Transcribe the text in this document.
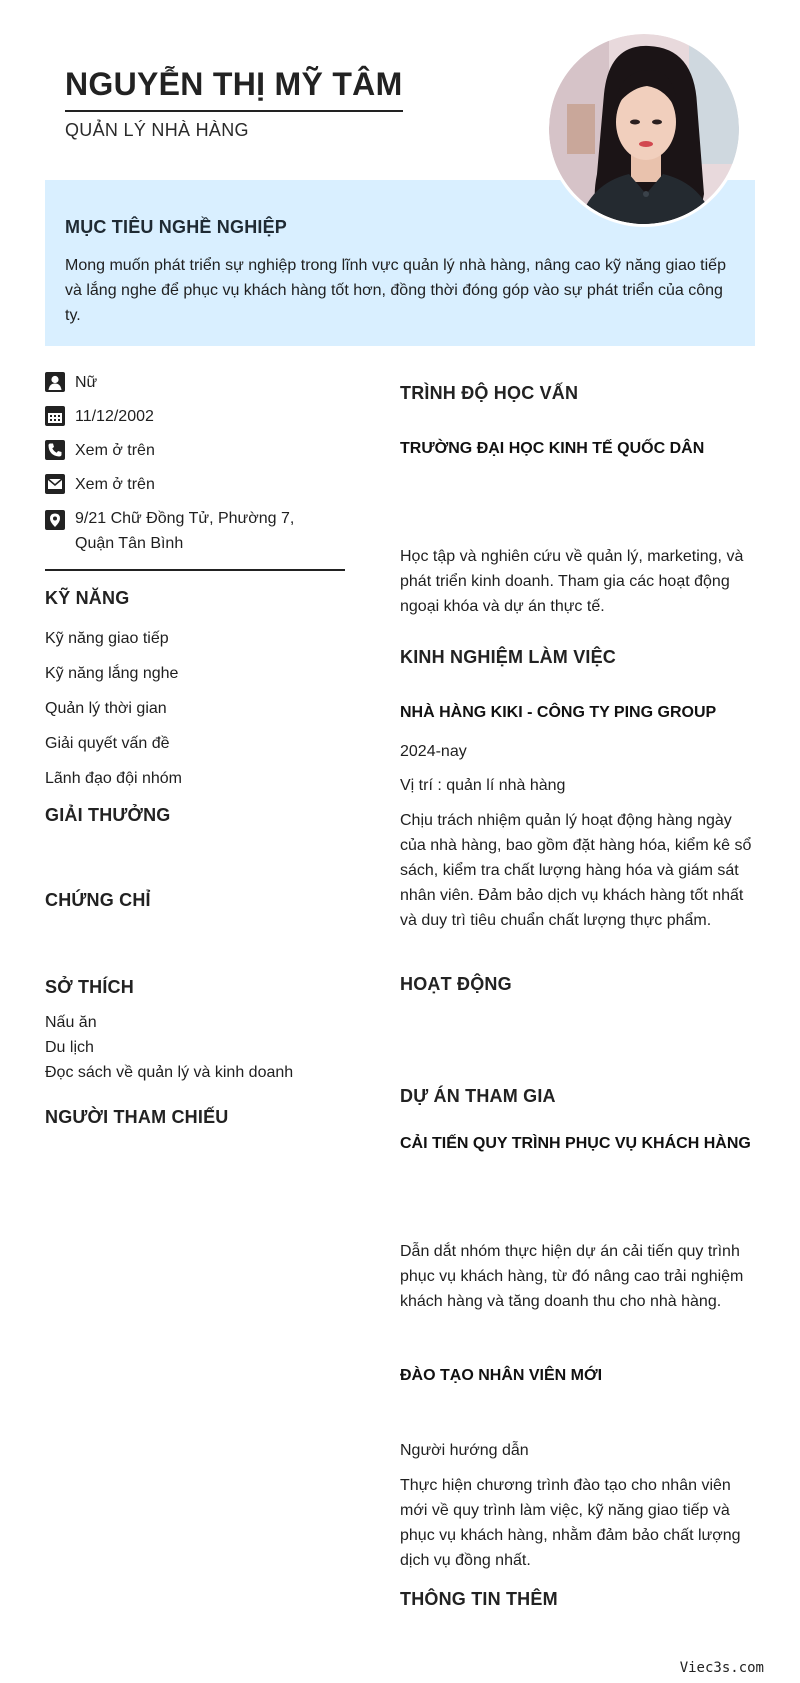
NGUYỄN THỊ MỸ TÂM
QUẢN LÝ NHÀ HÀNG

MỤC TIÊU NGHỀ NGHIỆP

Mong muốn phát triển sự nghiệp trong lĩnh vực quản lý nhà hàng, nâng cao kỹ năng giao tiếp và lắng nghe để phục vụ khách hàng tốt hơn, đồng thời đóng góp vào sự phát triển của công ty.

Nữ
11/12/2002
Xem ở trên
Xem ở trên
9/21 Chữ Đồng Tử, Phường 7, Quận Tân Bình

KỸ NĂNG

Kỹ năng giao tiếp

Kỹ năng lắng nghe

Quản lý thời gian

Giải quyết vấn đề

Lãnh đạo đội nhóm

GIẢI THƯỞNG

CHỨNG CHỈ

SỞ THÍCH

Nấu ăn

Du lịch

Đọc sách về quản lý và kinh doanh

NGƯỜI THAM CHIẾU

TRÌNH ĐỘ HỌC VẤN

TRƯỜNG ĐẠI HỌC KINH TẾ QUỐC DÂN

Học tập và nghiên cứu về quản lý, marketing, và phát triển kinh doanh. Tham gia các hoạt động ngoại khóa và dự án thực tế.

KINH NGHIỆM LÀM VIỆC

NHÀ HÀNG KIKI - CÔNG TY PING GROUP

2024-nay

Vị trí : quản lí nhà hàng

Chịu trách nhiệm quản lý hoạt động hàng ngày của nhà hàng, bao gồm đặt hàng hóa, kiểm kê sổ sách, kiểm tra chất lượng hàng hóa và giám sát nhân viên. Đảm bảo dịch vụ khách hàng tốt nhất và duy trì tiêu chuẩn chất lượng thực phẩm.

HOẠT ĐỘNG

DỰ ÁN THAM GIA

CẢI TIẾN QUY TRÌNH PHỤC VỤ KHÁCH HÀNG

Dẫn dắt nhóm thực hiện dự án cải tiến quy trình phục vụ khách hàng, từ đó nâng cao trải nghiệm khách hàng và tăng doanh thu cho nhà hàng.

ĐÀO TẠO NHÂN VIÊN MỚI

Người hướng dẫn

Thực hiện chương trình đào tạo cho nhân viên mới về quy trình làm việc, kỹ năng giao tiếp và phục vụ khách hàng, nhằm đảm bảo chất lượng dịch vụ đồng nhất.

THÔNG TIN THÊM

Viec3s.com
